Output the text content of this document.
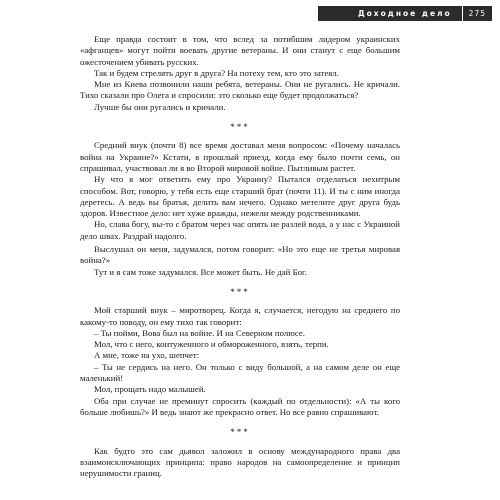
Доходное дело	275

Еще правда состоит в том, что вслед за потибшим лидером украинских «афганцев» могут пойти воевать другие ветераны. И они станут с еще большим ожесточением убивать русских.

Так и будем стрелять друг в друга? На потеху тем, кто это затеял.

Мне из Киева позвонили наши ребята, ветераны. Они не ругались. Не кричали. Тихо сказали про Олега и спросили: это сколько еще будет продолжаться?

Лучше бы они ругались и кричали.

***

Средний внук (почти 8) все время доставал меня вопросом: «Почему началась война на Украине?» Кстати, в прошлый приезд, когда ему было почти семь, он спрашивал, участвовал ли я во Второй мировой войне. Пытливым растет.

Ну что я мог ответить ему про Украину? Пытался отделаться нехитрым способом. Вот, говорю, у тебя есть еще старший брат (почти 11). И ты с ним иногда деретесь. А ведь вы братья, делить вам нечего. Однако метелите друг друга будь здоров. Известное дело: нет хуже вражды, нежели между родственниками.

Но, слава богу, вы-то с братом через час опять не разлей вода, а у нас с Украиной дело швах. Раздрай надолго.

Выслушал он меня, задумался, потом говорит: «Но это еще не третья мировая война?»

Тут и я сам тоже задумался. Все может быть. Не дай Бог.

***

Мой старший внук – миротворец. Когда я, случается, негодую на среднего по какому-то поводу, он ему тихо так говорит:

– Ты пойми, Вова был на войне. И на Северном полюсе.

Мол, что с него, контуженного и обмороженного, взять, терпи.

А мне, тоже на ухо, шепчет:

– Ты не сердись на него. Он только с виду большой, а на самом деле он еще маленький!

Мол, прощать надо малышей.

Оба при случае не преминут спросить (каждый по отдельности): «А ты кого больше любишь?» И ведь знают же прекрасно ответ. Но все равно спрашивают.

***

Как будто это сам дьявол заложил в основу международного права два взаимоисключающих принципа: право народов на самоопределение и принцип нерушимости границ.
